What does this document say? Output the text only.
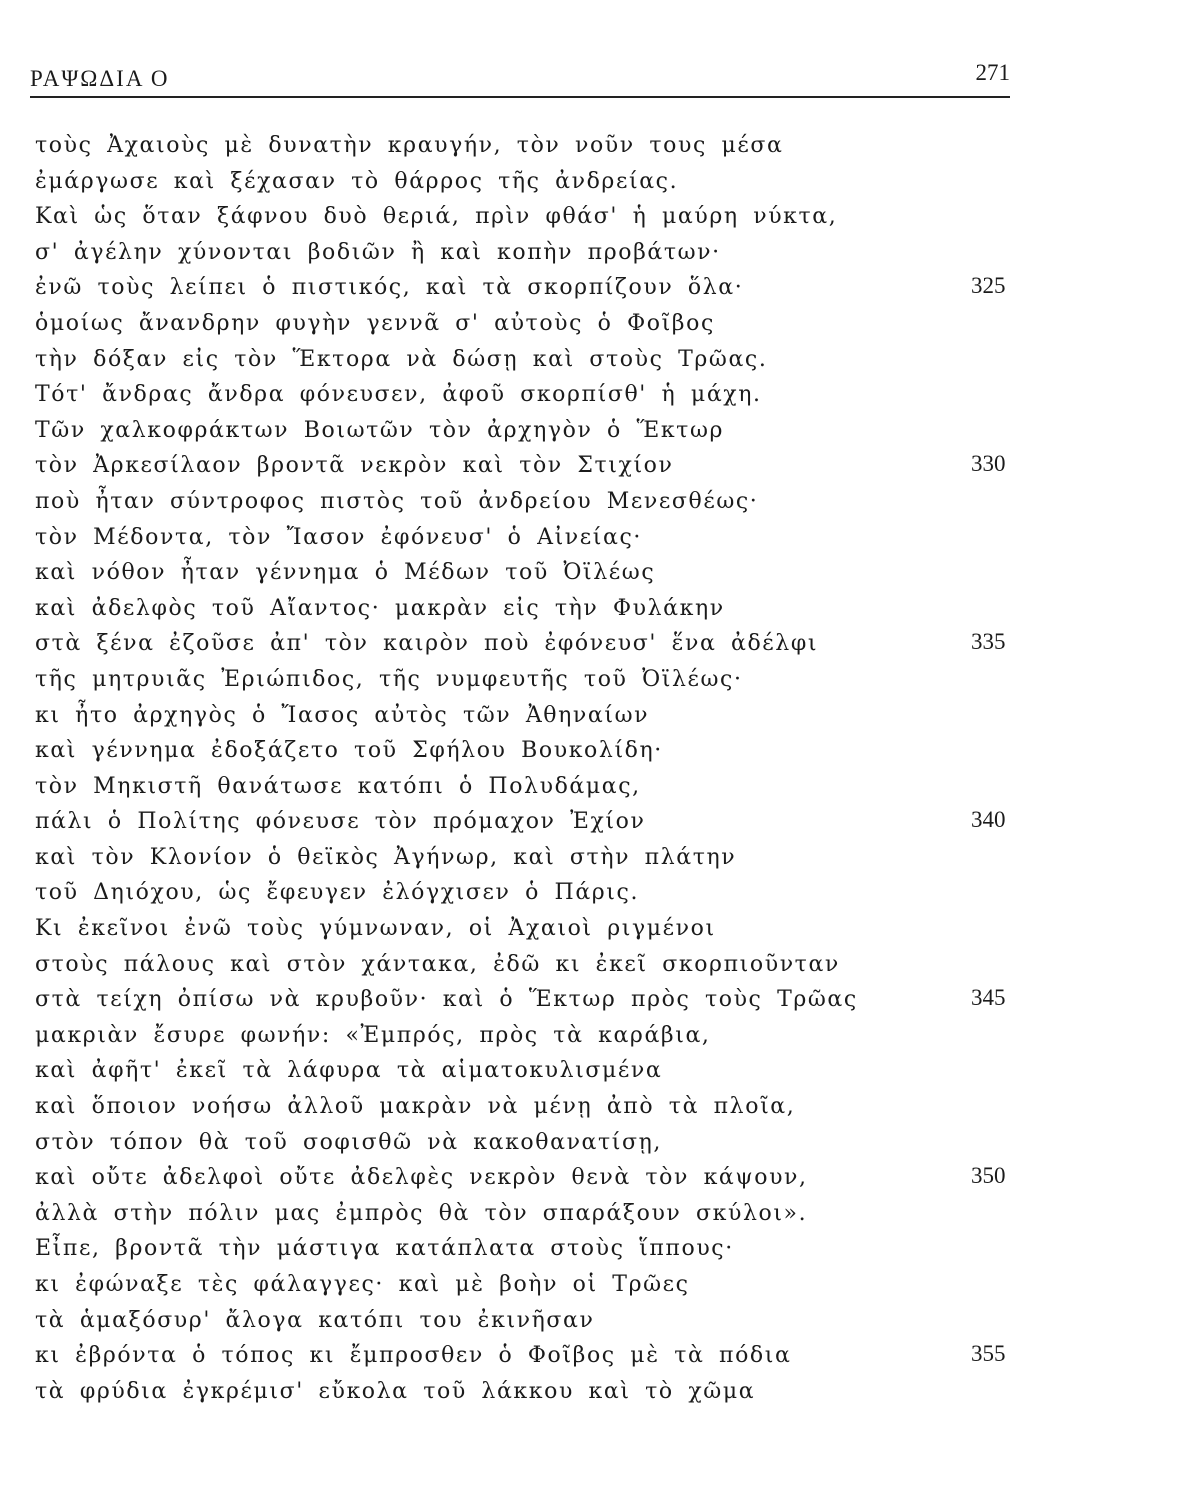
ΡΑΨΩΔΙΑ Ο	271
τοὺς Ἀχαιοὺς μὲ δυνατὴν κραυγήν, τὸν νοῦν τους μέσα
ἐμάργωσε καὶ ξέχασαν τὸ θάρρος τῆς ἀνδρείας.
Καὶ ὡς ὅταν ξάφνου δυὸ θεριά, πρὶν φθάσ' ἡ μαύρη νύκτα,
σ' ἀγέλην χύνονται βοδιῶν ἢ καὶ κοπὴν προβάτων·
ἐνῶ τοὺς λείπει ὁ πιστικός, καὶ τὰ σκορπίζουν ὅλα·	325
ὁμοίως ἄνανδρην φυγὴν γεννᾶ σ' αὐτοὺς ὁ Φοῖβος
τὴν δόξαν εἰς τὸν Ἕκτορα νὰ δώσῃ καὶ στοὺς Τρῶας.
Τότ' ἄνδρας ἄνδρα φόνευσεν, ἀφοῦ σκορπίσθ' ἡ μάχη.
Τῶν χαλκοφράκτων Βοιωτῶν τὸν ἀρχηγὸν ὁ Ἕκτωρ
τὸν Ἀρκεσίλαον βροντᾶ νεκρὸν καὶ τὸν Στιχίον	330
ποὺ ἦταν σύντροφος πιστὸς τοῦ ἀνδρείου Μενεσθέως·
τὸν Μέδοντα, τὸν Ἴασον ἐφόνευσ' ὁ Αἰνείας·
καὶ νόθον ἦταν γέννημα ὁ Μέδων τοῦ Ὀϊλέως
καὶ ἀδελφὸς τοῦ Αἴαντος· μακρὰν εἰς τὴν Φυλάκην
στὰ ξένα ἐζοῦσε ἀπ' τὸν καιρὸν ποὺ ἐφόνευσ' ἕνα ἀδέλφι	335
τῆς μητρυιᾶς Ἐριώπιδος, τῆς νυμφευτῆς τοῦ Ὀϊλέως·
κι ἦτο ἀρχηγὸς ὁ Ἴασος αὐτὸς τῶν Ἀθηναίων
καὶ γέννημα ἐδοξάζετο τοῦ Σφήλου Βουκολίδη·
τὸν Μηκιστῆ θανάτωσε κατόπι ὁ Πολυδάμας,
πάλι ὁ Πολίτης φόνευσε τὸν πρόμαχον Ἐχίον	340
καὶ τὸν Κλονίον ὁ θεϊκὸς Ἀγήνωρ, καὶ στὴν πλάτην
τοῦ Δηιόχου, ὡς ἔφευγεν ἐλόγχισεν ὁ Πάρις.
Κι ἐκεῖνοι ἐνῶ τοὺς γύμνωναν, οἱ Ἀχαιοὶ ριγμένοι
στοὺς πάλους καὶ στὸν χάντακα, ἐδῶ κι ἐκεῖ σκορπιοῦνταν
στὰ τείχη ὀπίσω νὰ κρυβοῦν· καὶ ὁ Ἕκτωρ πρὸς τοὺς Τρῶας	345
μακριὰν ἔσυρε φωνήν: «Ἐμπρός, πρὸς τὰ καράβια,
καὶ ἀφῆτ' ἐκεῖ τὰ λάφυρα τὰ αἱματοκυλισμένα
καὶ ὅποιον νοήσω ἀλλοῦ μακρὰν νὰ μένῃ ἀπὸ τὰ πλοῖα,
στὸν τόπον θὰ τοῦ σοφισθῶ νὰ κακοθανατίσῃ,
καὶ οὔτε ἀδελφοὶ οὔτε ἀδελφὲς νεκρὸν θενὰ τὸν κάψουν,	350
ἀλλὰ στὴν πόλιν μας ἐμπρὸς θὰ τὸν σπαράξουν σκύλοι».
Εἶπε, βροντᾶ τὴν μάστιγα κατάπλατα στοὺς ἵππους·
κι ἐφώναξε τὲς φάλαγγες· καὶ μὲ βοὴν οἱ Τρῶες
τὰ ἁμαξόσυρ' ἄλογα κατόπι του ἐκινῆσαν
κι ἐβρόντα ὁ τόπος κι ἔμπροσθεν ὁ Φοῖβος μὲ τὰ πόδια	355
τὰ φρύδια ἐγκρέμισ' εὔκολα τοῦ λάκκου καὶ τὸ χῶμα
